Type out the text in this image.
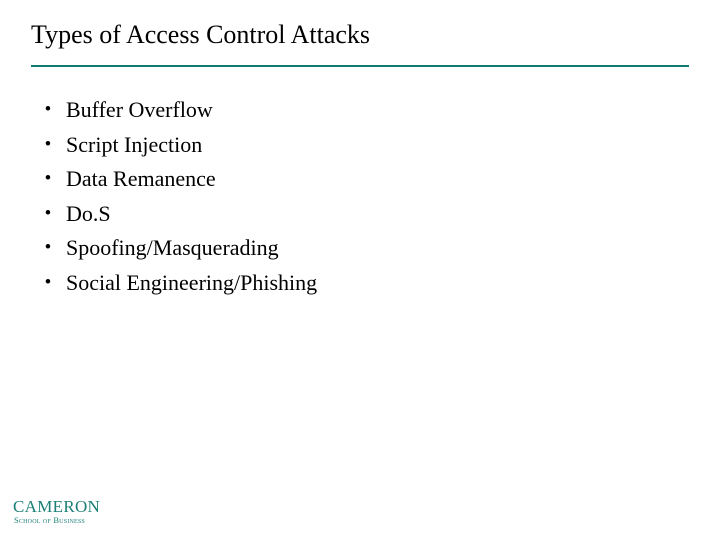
Types of Access Control Attacks
• Buffer Overflow
• Script Injection
• Data Remanence
• Do.S
• Spoofing/Masquerading
• Social Engineering/Phishing
CAMERON
School of Business
